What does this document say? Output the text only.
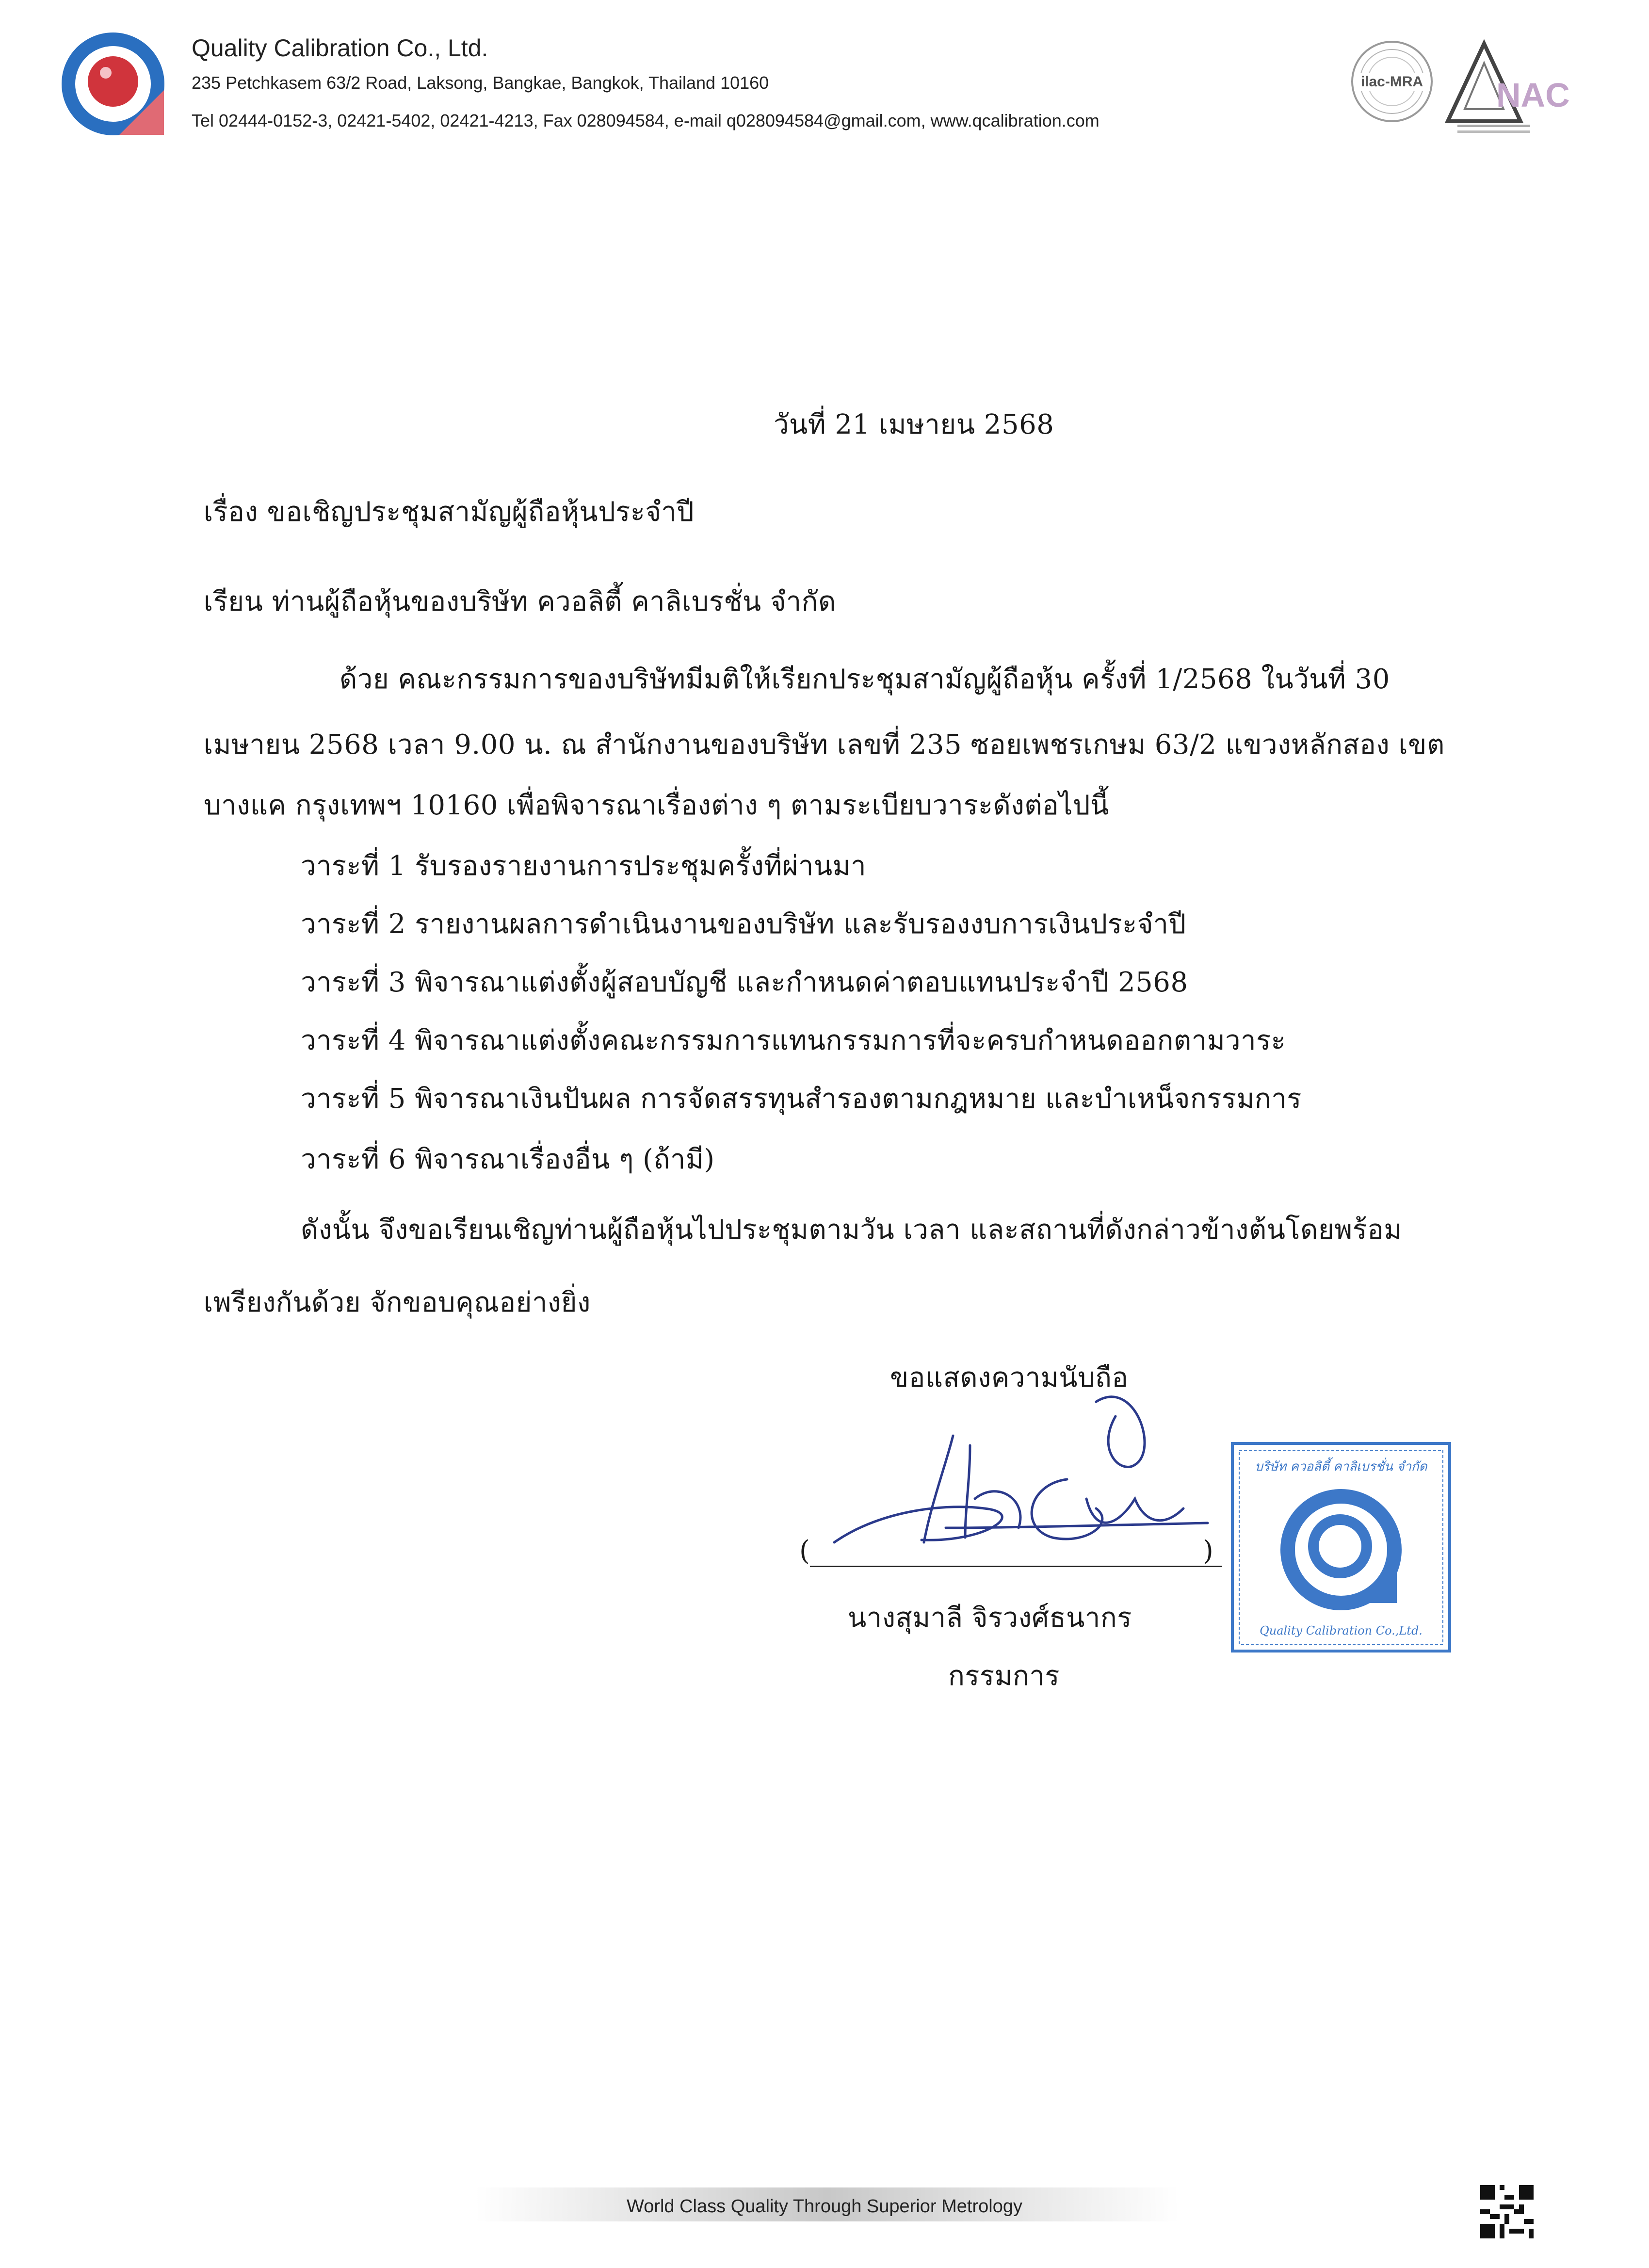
Quality Calibration Co., Ltd.
235 Petchkasem 63/2 Road, Laksong, Bangkae, Bangkok, Thailand 10160
Tel 02444-0152-3, 02421-5402, 02421-4213, Fax 028094584, e-mail q028094584@gmail.com, www.qcalibration.com
ilac-MRA NAC
วันที่ 21 เมษายน 2568
เรื่อง ขอเชิญประชุมสามัญผู้ถือหุ้นประจำปี
เรียน ท่านผู้ถือหุ้นของบริษัท ควอลิตี้ คาลิเบรชั่น จำกัด
ด้วย คณะกรรมการของบริษัทมีมติให้เรียกประชุมสามัญผู้ถือหุ้น ครั้งที่ 1/2568 ในวันที่ 30
เมษายน 2568 เวลา 9.00 น. ณ สำนักงานของบริษัท เลขที่ 235 ซอยเพชรเกษม 63/2 แขวงหลักสอง เขต
บางแค กรุงเทพฯ 10160 เพื่อพิจารณาเรื่องต่าง ๆ ตามระเบียบวาระดังต่อไปนี้
วาระที่ 1 รับรองรายงานการประชุมครั้งที่ผ่านมา
วาระที่ 2 รายงานผลการดำเนินงานของบริษัท และรับรองงบการเงินประจำปี
วาระที่ 3 พิจารณาแต่งตั้งผู้สอบบัญชี และกำหนดค่าตอบแทนประจำปี 2568
วาระที่ 4 พิจารณาแต่งตั้งคณะกรรมการแทนกรรมการที่จะครบกำหนดออกตามวาระ
วาระที่ 5 พิจารณาเงินปันผล การจัดสรรทุนสำรองตามกฎหมาย และบำเหน็จกรรมการ
วาระที่ 6 พิจารณาเรื่องอื่น ๆ (ถ้ามี)
ดังนั้น จึงขอเรียนเชิญท่านผู้ถือหุ้นไปประชุมตามวัน เวลา และสถานที่ดังกล่าวข้างต้นโดยพร้อม
เพรียงกันด้วย จักขอบคุณอย่างยิ่ง
ขอแสดงความนับถือ
(	)
นางสุมาลี จิรวงศ์ธนากร
กรรมการ
บริษัท ควอลิตี้ คาลิเบรชั่น จำกัด
Quality Calibration Co.,Ltd.
World Class Quality Through Superior Metrology
